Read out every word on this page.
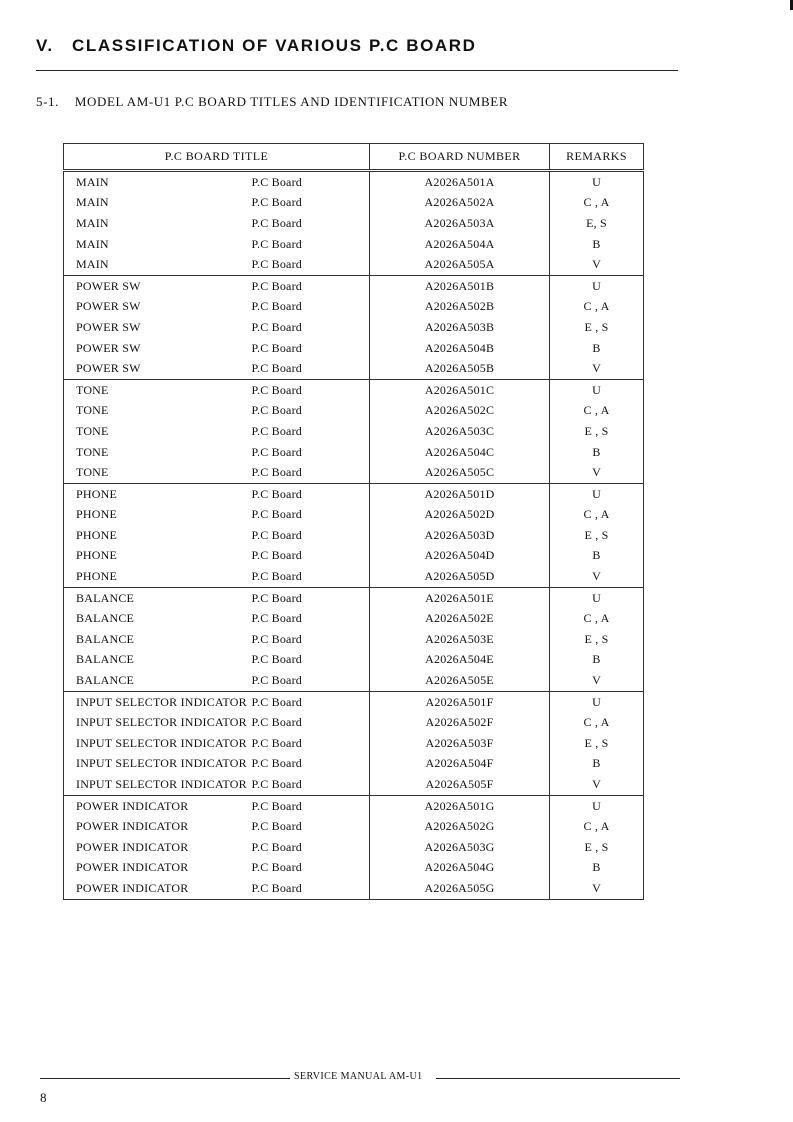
V. CLASSIFICATION OF VARIOUS P.C BOARD
5-1. MODEL AM-U1 P.C BOARD TITLES AND IDENTIFICATION NUMBER
P.C BOARD TITLE		P.C BOARD NUMBER	REMARKS
MAIN	P.C Board	A2026A501A	U
MAIN	P.C Board	A2026A502A	C , A
MAIN	P.C Board	A2026A503A	E, S
MAIN	P.C Board	A2026A504A	B
MAIN	P.C Board	A2026A505A	V
POWER SW	P.C Board	A2026A501B	U
POWER SW	P.C Board	A2026A502B	C , A
POWER SW	P.C Board	A2026A503B	E , S
POWER SW	P.C Board	A2026A504B	B
POWER SW	P.C Board	A2026A505B	V
TONE	P.C Board	A2026A501C	U
TONE	P.C Board	A2026A502C	C , A
TONE	P.C Board	A2026A503C	E , S
TONE	P.C Board	A2026A504C	B
TONE	P.C Board	A2026A505C	V
PHONE	P.C Board	A2026A501D	U
PHONE	P.C Board	A2026A502D	C , A
PHONE	P.C Board	A2026A503D	E , S
PHONE	P.C Board	A2026A504D	B
PHONE	P.C Board	A2026A505D	V
BALANCE	P.C Board	A2026A501E	U
BALANCE	P.C Board	A2026A502E	C , A
BALANCE	P.C Board	A2026A503E	E , S
BALANCE	P.C Board	A2026A504E	B
BALANCE	P.C Board	A2026A505E	V
INPUT SELECTOR INDICATOR	P.C Board	A2026A501F	U
INPUT SELECTOR INDICATOR	P.C Board	A2026A502F	C , A
INPUT SELECTOR INDICATOR	P.C Board	A2026A503F	E , S
INPUT SELECTOR INDICATOR	P.C Board	A2026A504F	B
INPUT SELECTOR INDICATOR	P.C Board	A2026A505F	V
POWER INDICATOR	P.C Board	A2026A501G	U
POWER INDICATOR	P.C Board	A2026A502G	C , A
POWER INDICATOR	P.C Board	A2026A503G	E , S
POWER INDICATOR	P.C Board	A2026A504G	B
POWER INDICATOR	P.C Board	A2026A505G	V
SERVICE MANUAL AM-U1
8
